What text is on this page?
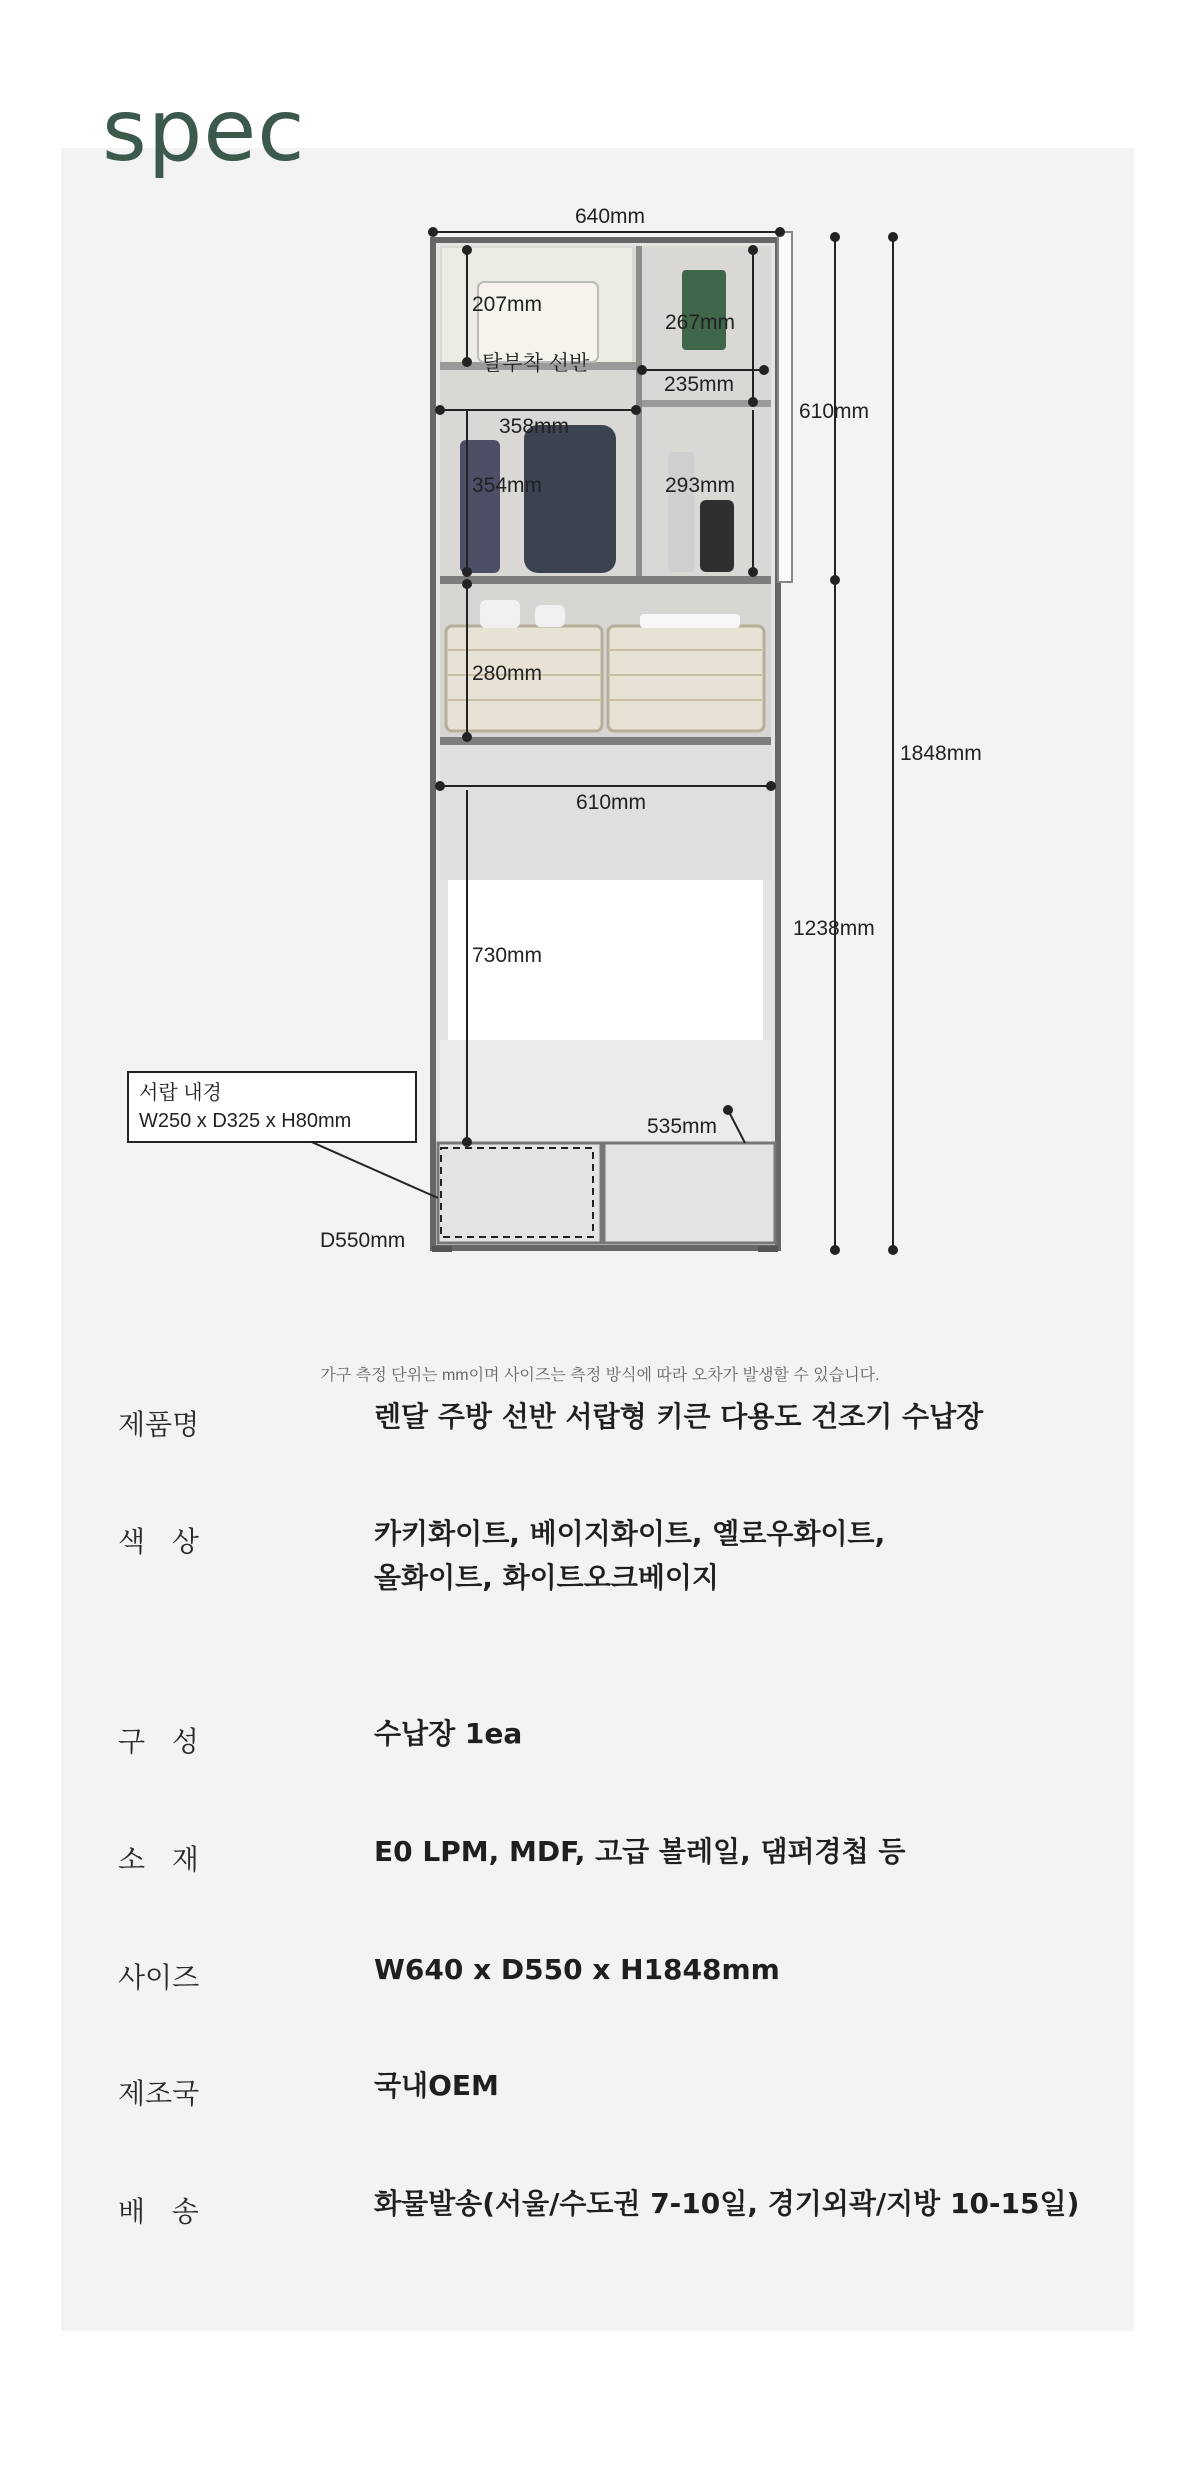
spec
640mm
207mm
267mm
탈부착 선반
235mm
610mm
358mm
354mm	293mm
280mm
1848mm
610mm
1238mm
730mm
535mm
D550mm
서랍 내경
W250 x D325 x H80mm
가구 측정 단위는 mm이며 사이즈는 측정 방식에 따라 오차가 발생할 수 있습니다.
제품명	렌달 주방 선반 서랍형 키큰 다용도 건조기 수납장
색   상	카키화이트, 베이지화이트, 옐로우화이트,
올화이트, 화이트오크베이지
구   성	수납장 1ea
소   재	E0 LPM, MDF, 고급 볼레일, 댐퍼경첩 등
사이즈	W640 x D550 x H1848mm
제조국	국내OEM
배   송	화물발송(서울/수도권 7-10일, 경기외곽/지방 10-15일)
